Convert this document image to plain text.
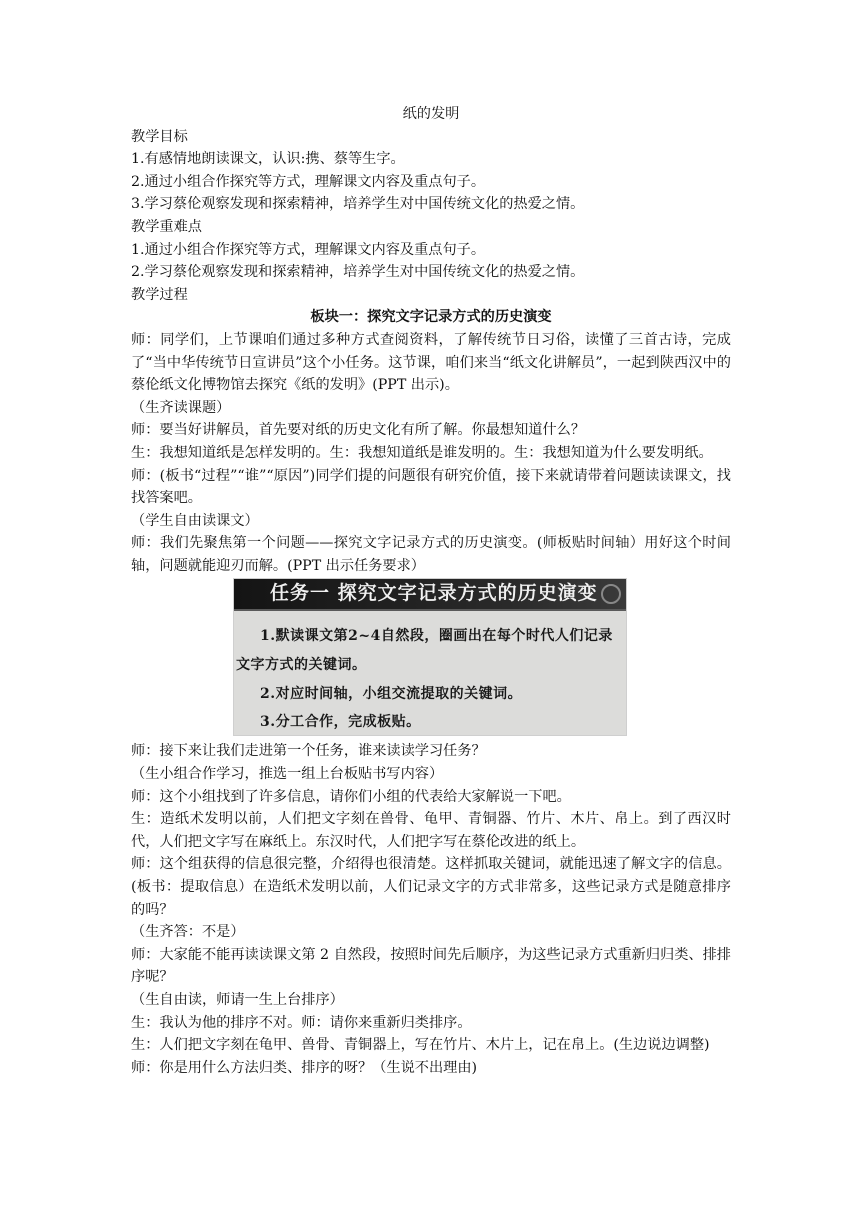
纸的发明

教学目标

1.有感情地朗读课文，认识:携、蔡等生字。

2.通过小组合作探究等方式，理解课文内容及重点句子。

3.学习蔡伦观察发现和探索精神，培养学生对中国传统文化的热爱之情。

教学重难点

1.通过小组合作探究等方式，理解课文内容及重点句子。

2.学习蔡伦观察发现和探索精神，培养学生对中国传统文化的热爱之情。

教学过程

板块一：探究文字记录方式的历史演变

师：同学们，上节课咱们通过多种方式查阅资料，了解传统节日习俗，读懂了三首古诗，完成了“当中华传统节日宣讲员”这个小任务。这节课，咱们来当“纸文化讲解员”，一起到陕西汉中的蔡伦纸文化博物馆去探究《纸的发明》(PPT 出示)。

（生齐读课题）

师：要当好讲解员，首先要对纸的历史文化有所了解。你最想知道什么？

生：我想知道纸是怎样发明的。生：我想知道纸是谁发明的。生：我想知道为什么要发明纸。

师：(板书“过程”“谁”“原因”)同学们提的问题很有研究价值，接下来就请带着问题读读课文，找找答案吧。

（学生自由读课文）

师：我们先聚焦第一个问题——探究文字记录方式的历史演变。(师板贴时间轴）用好这个时间轴，问题就能迎刃而解。(PPT 出示任务要求）

任务一 探究文字记录方式的历史演变
1.默读课文第2~4自然段，圈画出在每个时代人们记录
文字方式的关键词。
2.对应时间轴，小组交流提取的关键词。
3.分工合作，完成板贴。

师：接下来让我们走进第一个任务，谁来读读学习任务？

（生小组合作学习，推选一组上台板贴书写内容）

师：这个小组找到了许多信息，请你们小组的代表给大家解说一下吧。

生：造纸术发明以前，人们把文字刻在兽骨、龟甲、青铜器、竹片、木片、帛上。到了西汉时代，人们把文字写在麻纸上。东汉时代，人们把字写在蔡伦改进的纸上。

师：这个组获得的信息很完整，介绍得也很清楚。这样抓取关键词，就能迅速了解文字的信息。(板书：提取信息）在造纸术发明以前，人们记录文字的方式非常多，这些记录方式是随意排序的吗？

（生齐答：不是）

师：大家能不能再读读课文第 2 自然段，按照时间先后顺序，为这些记录方式重新归归类、排排序呢？

（生自由读，师请一生上台排序）

生：我认为他的排序不对。师：请你来重新归类排序。

生：人们把文字刻在龟甲、兽骨、青铜器上，写在竹片、木片上，记在帛上。(生边说边调整)

师：你是用什么方法归类、排序的呀？（生说不出理由)
